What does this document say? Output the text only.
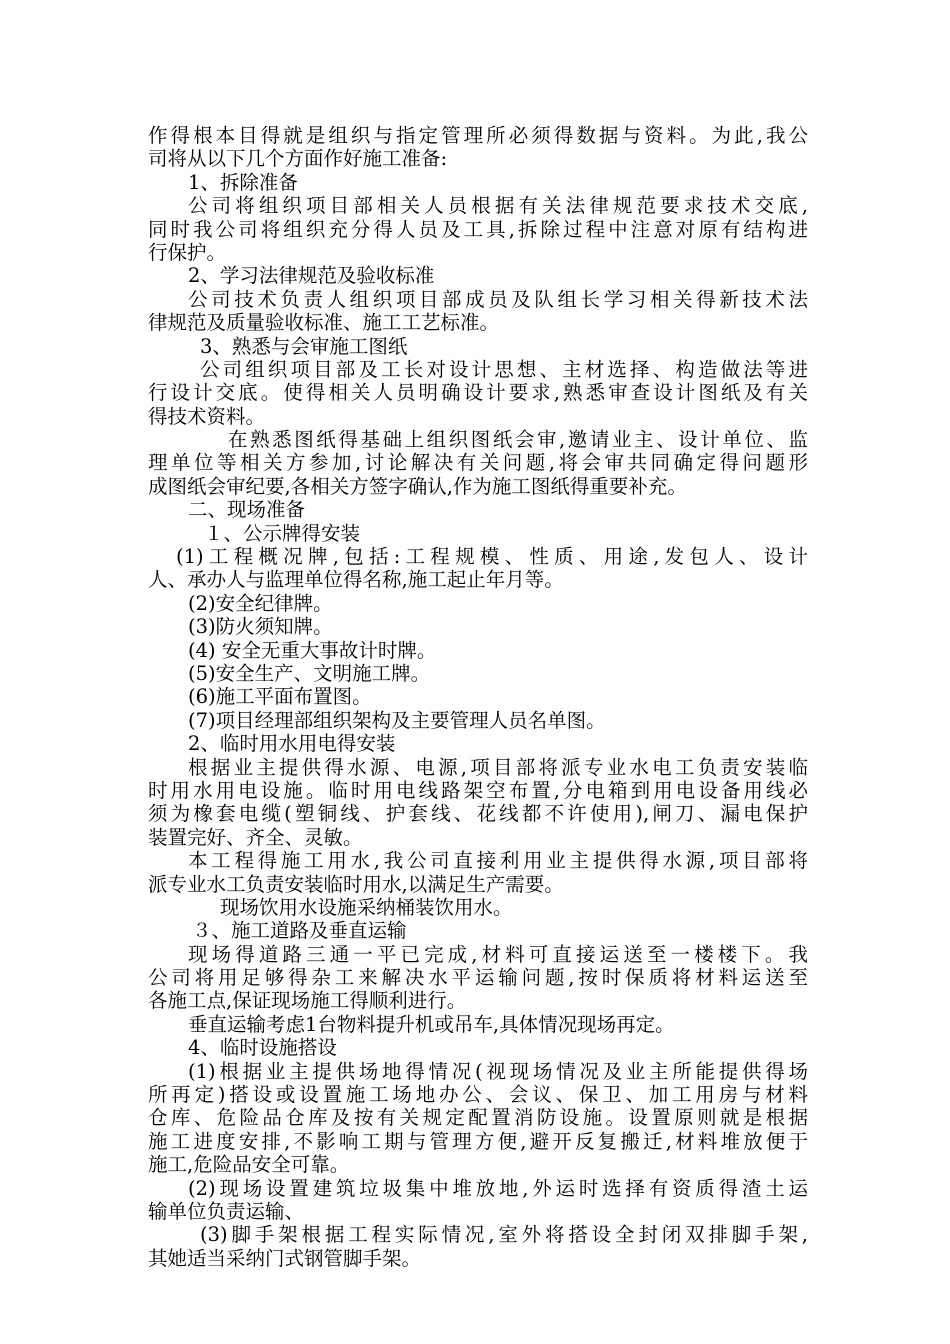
作得根本目得就是组织与指定管理所必须得数据与资料。为此,我公
司将从以下几个方面作好施工准备:
1、拆除准备
公司将组织项目部相关人员根据有关法律规范要求技术交底,
同时我公司将组织充分得人员及工具,拆除过程中注意对原有结构进
行保护。
2、学习法律规范及验收标准
公司技术负责人组织项目部成员及队组长学习相关得新技术法
律规范及质量验收标准、施工工艺标准。
3、熟悉与会审施工图纸
公司组织项目部及工长对设计思想、主材选择、构造做法等进
行设计交底。使得相关人员明确设计要求,熟悉审查设计图纸及有关
得技术资料。
在熟悉图纸得基础上组织图纸会审,邀请业主、设计单位、监
理单位等相关方参加,讨论解决有关问题,将会审共同确定得问题形
成图纸会审纪要,各相关方签字确认,作为施工图纸得重要补充。
二、现场准备
１、公示牌得安装
(1)工程概况牌,包括:工程规模、性质、用途,发包人、设计
人、承办人与监理单位得名称,施工起止年月等。
(2)安全纪律牌。
(3)防火须知牌。
(4) 安全无重大事故计时牌。
(5)安全生产、文明施工牌。
(6)施工平面布置图。
(7)项目经理部组织架构及主要管理人员名单图。
2、临时用水用电得安装
根据业主提供得水源、电源,项目部将派专业水电工负责安装临
时用水用电设施。临时用电线路架空布置,分电箱到用电设备用线必
须为橡套电缆(塑铜线、护套线、花线都不许使用),闸刀、漏电保护
装置完好、齐全、灵敏。
本工程得施工用水,我公司直接利用业主提供得水源,项目部将
派专业水工负责安装临时用水,以满足生产需要。
现场饮用水设施采纳桶装饮用水。
３、施工道路及垂直运输
现场得道路三通一平已完成,材料可直接运送至一楼楼下。我
公司将用足够得杂工来解决水平运输问题,按时保质将材料运送至
各施工点,保证现场施工得顺利进行。
垂直运输考虑1台物料提升机或吊车,具体情况现场再定。
4、临时设施搭设
(1)根据业主提供场地得情况(视现场情况及业主所能提供得场
所再定)搭设或设置施工场地办公、会议、保卫、加工用房与材料
仓库、危险品仓库及按有关规定配置消防设施。设置原则就是根据
施工进度安排,不影响工期与管理方便,避开反复搬迁,材料堆放便于
施工,危险品安全可靠。
(2)现场设置建筑垃圾集中堆放地,外运时选择有资质得渣土运
输单位负责运输、
(3)脚手架根据工程实际情况,室外将搭设全封闭双排脚手架,
其她适当采纳门式钢管脚手架。
